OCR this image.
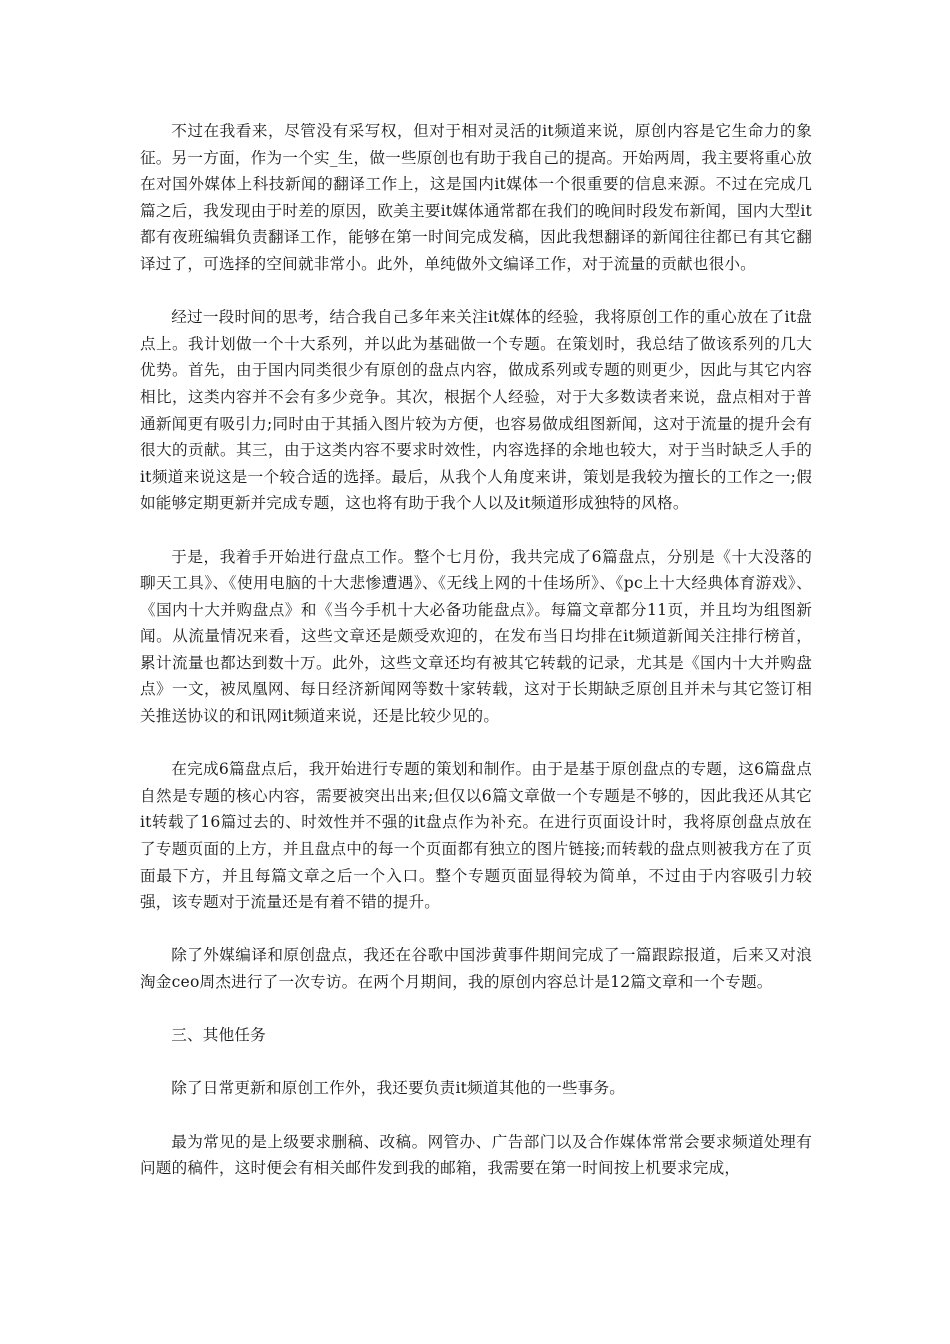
不过在我看来，尽管没有采写权，但对于相对灵活的it频道来说，原创内容是它生命力的象征。另一方面，作为一个实_生，做一些原创也有助于我自己的提高。开始两周，我主要将重心放在对国外媒体上科技新闻的翻译工作上，这是国内it媒体一个很重要的信息来源。不过在完成几篇之后，我发现由于时差的原因，欧美主要it媒体通常都在我们的晚间时段发布新闻，国内大型it都有夜班编辑负责翻译工作，能够在第一时间完成发稿，因此我想翻译的新闻往往都已有其它翻译过了，可选择的空间就非常小。此外，单纯做外文编译工作，对于流量的贡献也很小。

经过一段时间的思考，结合我自己多年来关注it媒体的经验，我将原创工作的重心放在了it盘点上。我计划做一个十大系列，并以此为基础做一个专题。在策划时，我总结了做该系列的几大优势。首先，由于国内同类很少有原创的盘点内容，做成系列或专题的则更少，因此与其它内容相比，这类内容并不会有多少竞争。其次，根据个人经验，对于大多数读者来说，盘点相对于普通新闻更有吸引力;同时由于其插入图片较为方便，也容易做成组图新闻，这对于流量的提升会有很大的贡献。其三，由于这类内容不要求时效性，内容选择的余地也较大，对于当时缺乏人手的it频道来说这是一个较合适的选择。最后，从我个人角度来讲，策划是我较为擅长的工作之一;假如能够定期更新并完成专题，这也将有助于我个人以及it频道形成独特的风格。

于是，我着手开始进行盘点工作。整个七月份，我共完成了6篇盘点，分别是《十大没落的聊天工具》、《使用电脑的十大悲惨遭遇》、《无线上网的十佳场所》、《pc上十大经典体育游戏》、《国内十大并购盘点》和《当今手机十大必备功能盘点》。每篇文章都分11页，并且均为组图新闻。从流量情况来看，这些文章还是颇受欢迎的，在发布当日均排在it频道新闻关注排行榜首，累计流量也都达到数十万。此外，这些文章还均有被其它转载的记录，尤其是《国内十大并购盘点》一文，被凤凰网、每日经济新闻网等数十家转载，这对于长期缺乏原创且并未与其它签订相关推送协议的和讯网it频道来说，还是比较少见的。

在完成6篇盘点后，我开始进行专题的策划和制作。由于是基于原创盘点的专题，这6篇盘点自然是专题的核心内容，需要被突出出来;但仅以6篇文章做一个专题是不够的，因此我还从其它it转载了16篇过去的、时效性并不强的it盘点作为补充。在进行页面设计时，我将原创盘点放在了专题页面的上方，并且盘点中的每一个页面都有独立的图片链接;而转载的盘点则被我方在了页面最下方，并且每篇文章之后一个入口。整个专题页面显得较为简单，不过由于内容吸引力较强，该专题对于流量还是有着不错的提升。

除了外媒编译和原创盘点，我还在谷歌中国涉黄事件期间完成了一篇跟踪报道，后来又对浪淘金ceo周杰进行了一次专访。在两个月期间，我的原创内容总计是12篇文章和一个专题。

三、其他任务

除了日常更新和原创工作外，我还要负责it频道其他的一些事务。

最为常见的是上级要求删稿、改稿。网管办、广告部门以及合作媒体常常会要求频道处理有问题的稿件，这时便会有相关邮件发到我的邮箱，我需要在第一时间按上机要求完成，
